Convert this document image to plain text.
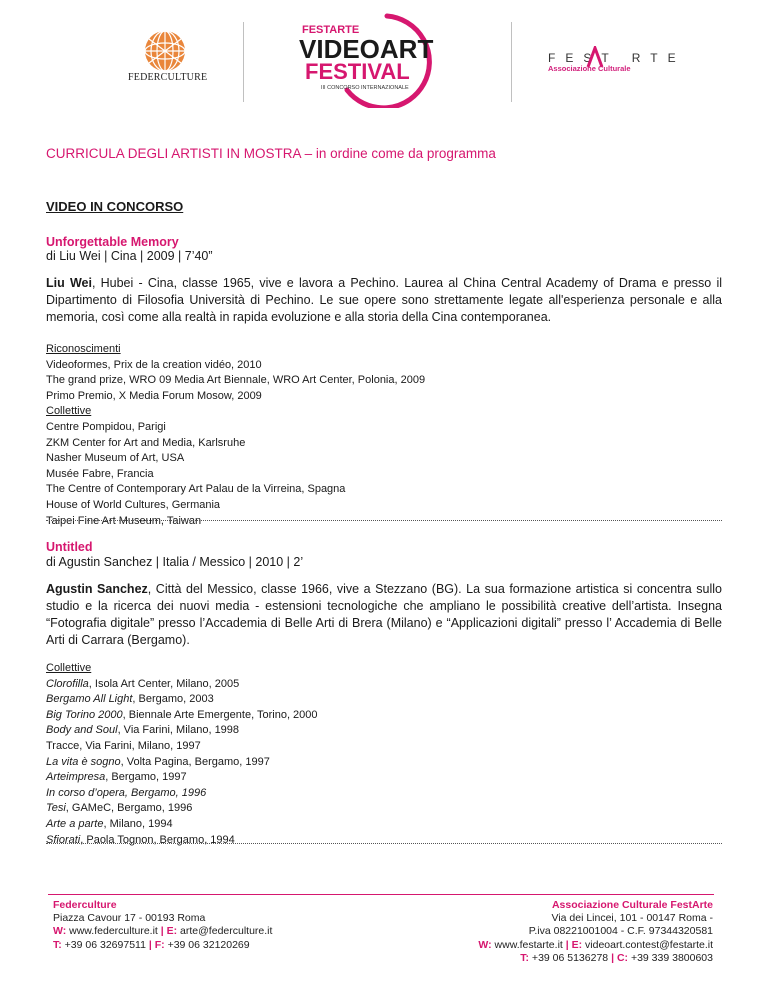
FEDERCULTURE
FESTARTE
VIDEOART
FESTIVAL
III CONCORSO INTERNAZIONALE
FEST RTE
Associazione Culturale
CURRICULA DEGLI ARTISTI IN MOSTRA – in ordine come da programma
VIDEO IN CONCORSO
Unforgettable Memory
di Liu Wei | Cina | 2009 | 7’40”
Liu Wei, Hubei - Cina, classe 1965, vive e lavora a Pechino. Laurea al China Central Academy of Drama e presso il Dipartimento di Filosofia Università di Pechino. Le sue opere sono strettamente legate all'esperienza personale e alla memoria, così come alla realtà in rapida evoluzione e alla storia della Cina contemporanea.
Riconoscimenti
Videoformes, Prix de la creation vidéo, 2010
The grand prize, WRO 09 Media Art Biennale, WRO Art Center, Polonia, 2009
Primo Premio, X Media Forum Mosow, 2009
Collettive
Centre Pompidou, Parigi
ZKM Center for Art and Media, Karlsruhe
Nasher Museum of Art, USA
Musée Fabre, Francia
The Centre of Contemporary Art Palau de la Virreina, Spagna
House of World Cultures, Germania
Taipei Fine Art Museum, Taiwan
Untitled
di Agustin Sanchez | Italia / Messico | 2010 | 2’
Agustin Sanchez, Città del Messico, classe 1966, vive a Stezzano (BG). La sua formazione artistica si concentra sullo studio e la ricerca dei nuovi media - estensioni tecnologiche che ampliano le possibilità creative dell’artista. Insegna “Fotografia digitale” presso l’Accademia di Belle Arti di Brera (Milano) e “Applicazioni digitali” presso l’ Accademia di Belle Arti di Carrara (Bergamo).
Collettive
Clorofilla, Isola Art Center, Milano, 2005
Bergamo All Light, Bergamo, 2003
Big Torino 2000, Biennale Arte Emergente, Torino, 2000
Body and Soul, Via Farini, Milano, 1998
Tracce, Via Farini, Milano, 1997
La vita è sogno, Volta Pagina, Bergamo, 1997
Arteimpresa, Bergamo, 1997
In corso d’opera, Bergamo, 1996
Tesi, GAMeC, Bergamo, 1996
Arte a parte, Milano, 1994
Sfiorati, Paola Tognon, Bergamo, 1994
Federculture
Piazza Cavour 17 - 00193 Roma
W: www.federculture.it | E: arte@federculture.it
T: +39 06 32697511 | F: +39 06 32120269
Associazione Culturale FestArte
Via dei Lincei, 101 - 00147 Roma -
P.iva 08221001004 - C.F. 97344320581
W: www.festarte.it | E: videoart.contest@festarte.it
T: +39 06 5136278 | C: +39 339 3800603
